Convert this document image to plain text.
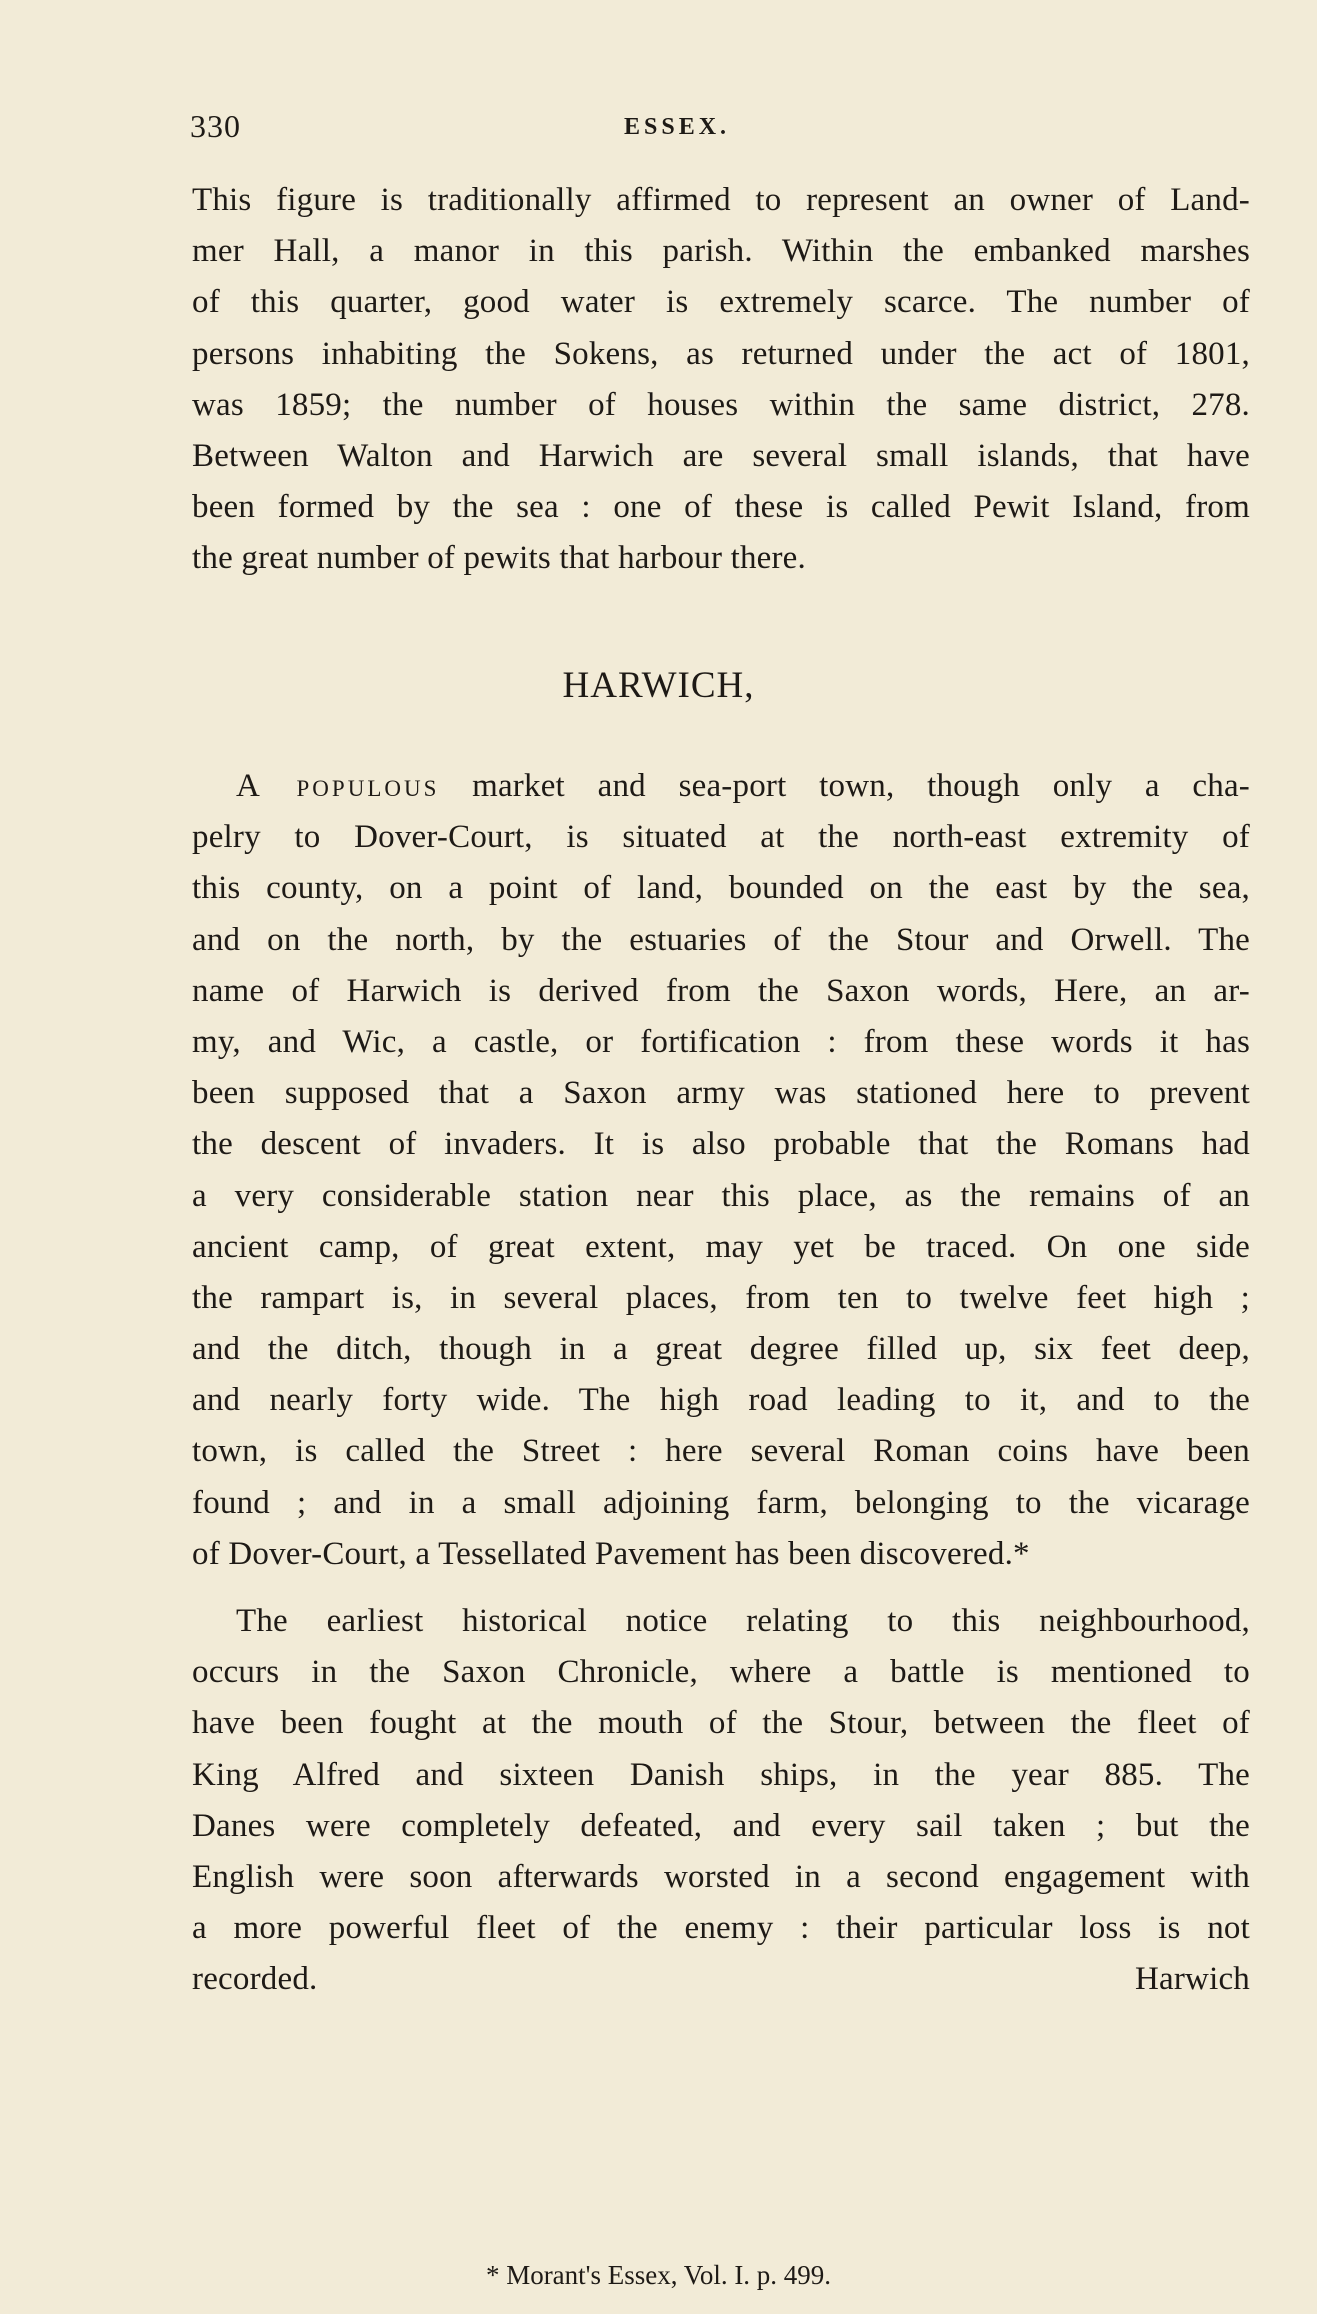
330	ESSEX.
This figure is traditionally affirmed to represent an owner of Land-
mer Hall, a manor in this parish. Within the embanked marshes
of this quarter, good water is extremely scarce. The number of
persons inhabiting the Sokens, as returned under the act of 1801,
was 1859; the number of houses within the same district, 278.
Between Walton and Harwich are several small islands, that have
been formed by the sea : one of these is called Pewit Island, from
the great number of pewits that harbour there.
HARWICH,
A populous market and sea-port town, though only a cha-
pelry to Dover-Court, is situated at the north-east extremity of
this county, on a point of land, bounded on the east by the sea,
and on the north, by the estuaries of the Stour and Orwell. The
name of Harwich is derived from the Saxon words, Here, an ar-
my, and Wic, a castle, or fortification : from these words it has
been supposed that a Saxon army was stationed here to prevent
the descent of invaders. It is also probable that the Romans had
a very considerable station near this place, as the remains of an
ancient camp, of great extent, may yet be traced. On one side
the rampart is, in several places, from ten to twelve feet high ;
and the ditch, though in a great degree filled up, six feet deep,
and nearly forty wide. The high road leading to it, and to the
town, is called the Street : here several Roman coins have been
found ; and in a small adjoining farm, belonging to the vicarage
of Dover-Court, a Tessellated Pavement has been discovered.*
The earliest historical notice relating to this neighbourhood,
occurs in the Saxon Chronicle, where a battle is mentioned to
have been fought at the mouth of the Stour, between the fleet of
King Alfred and sixteen Danish ships, in the year 885. The
Danes were completely defeated, and every sail taken ; but the
English were soon afterwards worsted in a second engagement with
a more powerful fleet of the enemy : their particular loss is not
recorded.	Harwich
* Morant's Essex, Vol. I. p. 499.
